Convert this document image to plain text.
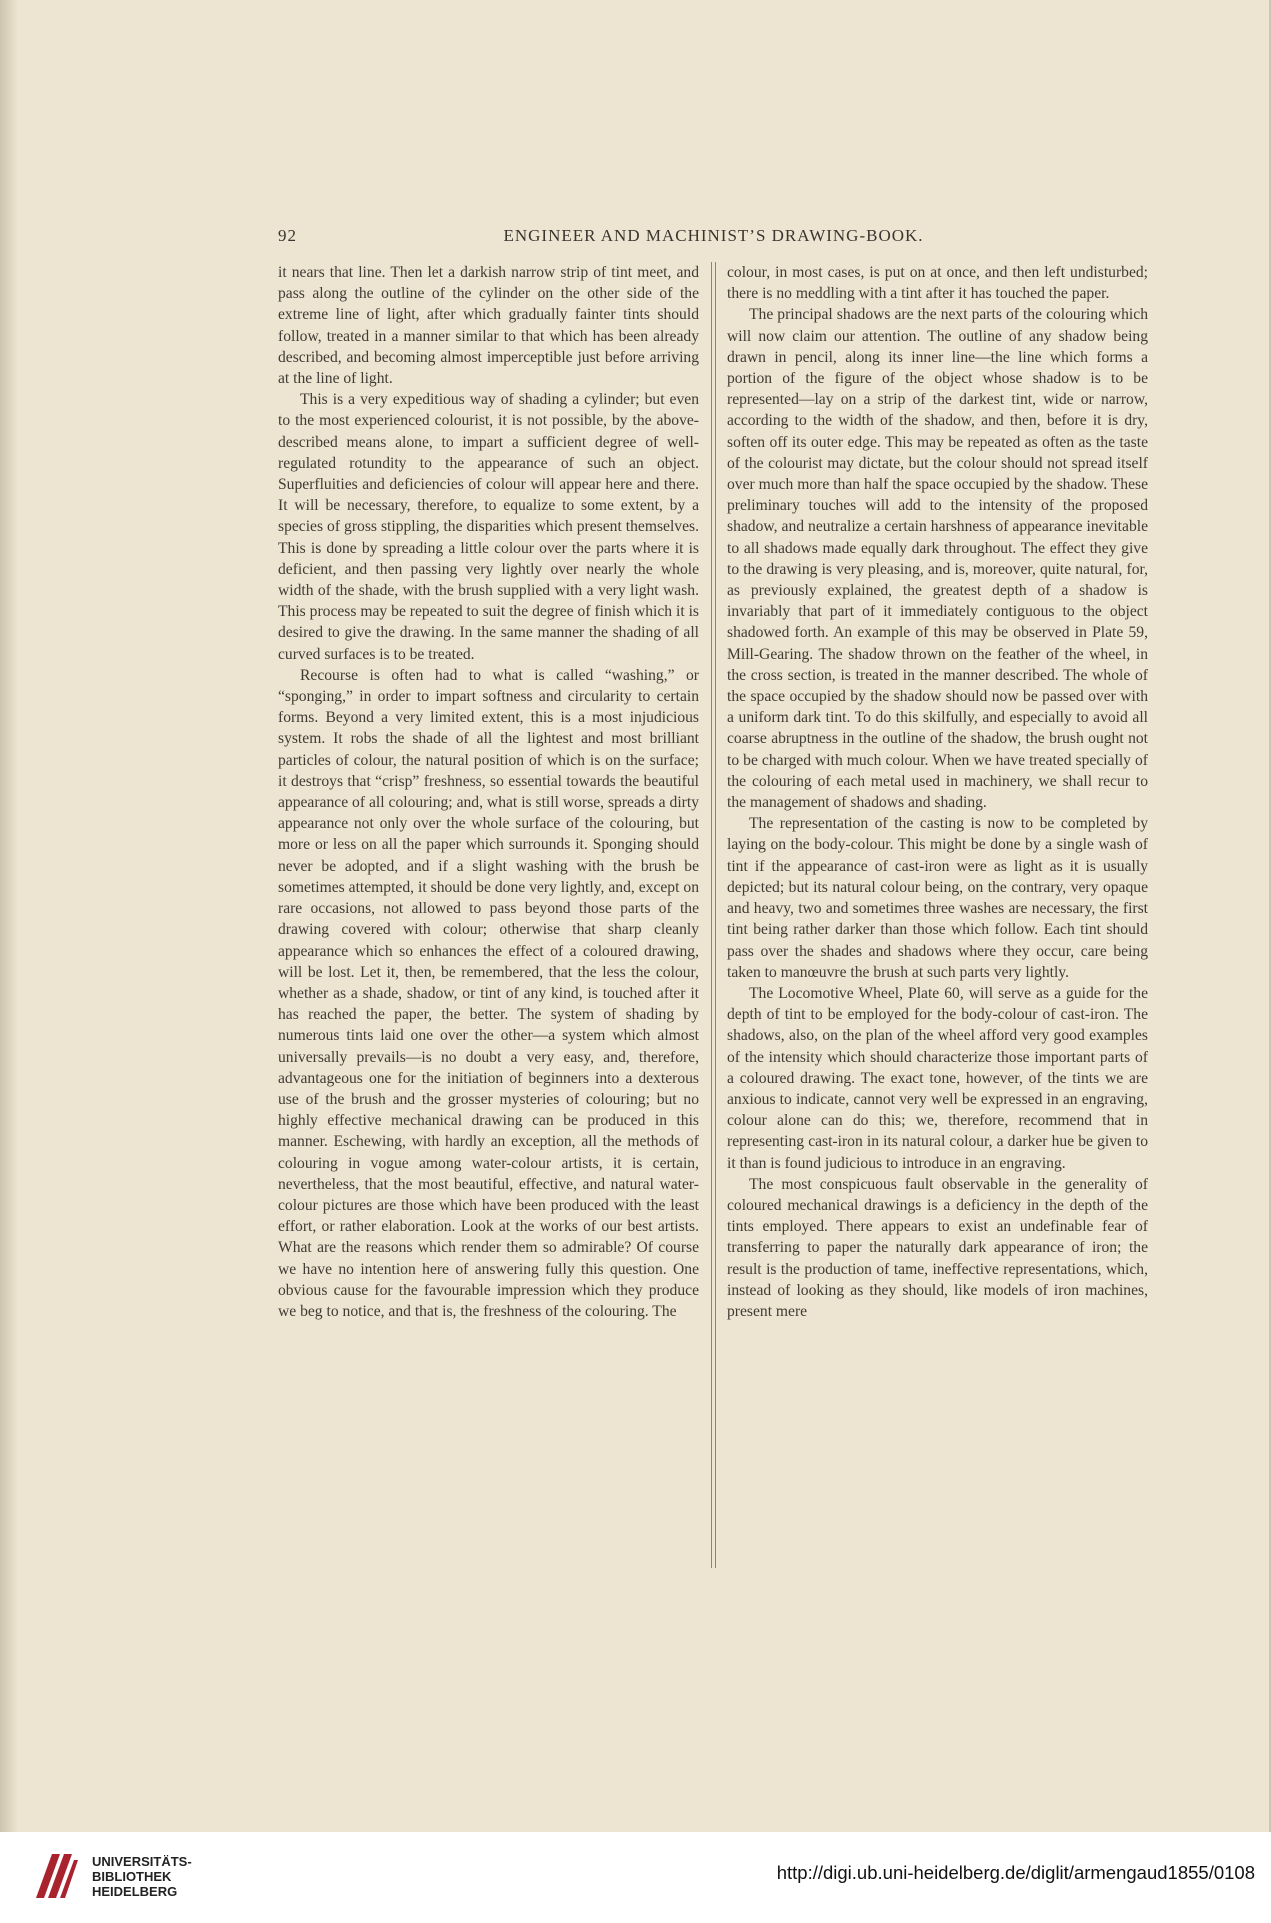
92	ENGINEER AND MACHINIST’S DRAWING-BOOK.

it nears that line. Then let a darkish narrow strip of tint meet, and pass along the outline of the cylinder on the other side of the extreme line of light, after which gradually fainter tints should follow, treated in a manner similar to that which has been already described, and becoming almost imperceptible just before arriving at the line of light.

This is a very expeditious way of shading a cylinder; but even to the most experienced colourist, it is not possible, by the above-described means alone, to impart a sufficient degree of well-regulated rotundity to the appearance of such an object. Superfluities and deficiencies of colour will appear here and there. It will be necessary, therefore, to equalize to some extent, by a species of gross stippling, the disparities which present themselves. This is done by spreading a little colour over the parts where it is deficient, and then passing very lightly over nearly the whole width of the shade, with the brush supplied with a very light wash. This process may be repeated to suit the degree of finish which it is desired to give the drawing. In the same manner the shading of all curved surfaces is to be treated.

Recourse is often had to what is called “washing,” or “sponging,” in order to impart softness and circularity to certain forms. Beyond a very limited extent, this is a most injudicious system. It robs the shade of all the lightest and most brilliant particles of colour, the natural position of which is on the surface; it destroys that “crisp” freshness, so essential towards the beautiful appearance of all colouring; and, what is still worse, spreads a dirty appearance not only over the whole surface of the colouring, but more or less on all the paper which surrounds it. Sponging should never be adopted, and if a slight washing with the brush be sometimes attempted, it should be done very lightly, and, except on rare occasions, not allowed to pass beyond those parts of the drawing covered with colour; otherwise that sharp cleanly appearance which so enhances the effect of a coloured drawing, will be lost. Let it, then, be remembered, that the less the colour, whether as a shade, shadow, or tint of any kind, is touched after it has reached the paper, the better. The system of shading by numerous tints laid one over the other—a system which almost universally prevails—is no doubt a very easy, and, therefore, advantageous one for the initiation of beginners into a dexterous use of the brush and the grosser mysteries of colouring; but no highly effective mechanical drawing can be produced in this manner. Eschewing, with hardly an exception, all the methods of colouring in vogue among water-colour artists, it is certain, nevertheless, that the most beautiful, effective, and natural water-colour pictures are those which have been produced with the least effort, or rather elaboration. Look at the works of our best artists. What are the reasons which render them so admirable? Of course we have no intention here of answering fully this question. One obvious cause for the favourable impression which they produce we beg to notice, and that is, the freshness of the colouring. The

colour, in most cases, is put on at once, and then left undisturbed; there is no meddling with a tint after it has touched the paper.

The principal shadows are the next parts of the colouring which will now claim our attention. The outline of any shadow being drawn in pencil, along its inner line—the line which forms a portion of the figure of the object whose shadow is to be represented—lay on a strip of the darkest tint, wide or narrow, according to the width of the shadow, and then, before it is dry, soften off its outer edge. This may be repeated as often as the taste of the colourist may dictate, but the colour should not spread itself over much more than half the space occupied by the shadow. These preliminary touches will add to the intensity of the proposed shadow, and neutralize a certain harshness of appearance inevitable to all shadows made equally dark throughout. The effect they give to the drawing is very pleasing, and is, moreover, quite natural, for, as previously explained, the greatest depth of a shadow is invariably that part of it immediately contiguous to the object shadowed forth. An example of this may be observed in Plate 59, Mill-Gearing. The shadow thrown on the feather of the wheel, in the cross section, is treated in the manner described. The whole of the space occupied by the shadow should now be passed over with a uniform dark tint. To do this skilfully, and especially to avoid all coarse abruptness in the outline of the shadow, the brush ought not to be charged with much colour. When we have treated specially of the colouring of each metal used in machinery, we shall recur to the management of shadows and shading.

The representation of the casting is now to be completed by laying on the body-colour. This might be done by a single wash of tint if the appearance of cast-iron were as light as it is usually depicted; but its natural colour being, on the contrary, very opaque and heavy, two and sometimes three washes are necessary, the first tint being rather darker than those which follow. Each tint should pass over the shades and shadows where they occur, care being taken to manœuvre the brush at such parts very lightly.

The Locomotive Wheel, Plate 60, will serve as a guide for the depth of tint to be employed for the body-colour of cast-iron. The shadows, also, on the plan of the wheel afford very good examples of the intensity which should characterize those important parts of a coloured drawing. The exact tone, however, of the tints we are anxious to indicate, cannot very well be expressed in an engraving, colour alone can do this; we, therefore, recommend that in representing cast-iron in its natural colour, a darker hue be given to it than is found judicious to introduce in an engraving.

The most conspicuous fault observable in the generality of coloured mechanical drawings is a deficiency in the depth of the tints employed. There appears to exist an undefinable fear of transferring to paper the naturally dark appearance of iron; the result is the production of tame, ineffective representations, which, instead of looking as they should, like models of iron machines, present mere

UNIVERSITÄTS-
BIBLIOTHEK
HEIDELBERG
http://digi.ub.uni-heidelberg.de/diglit/armengaud1855/0108
